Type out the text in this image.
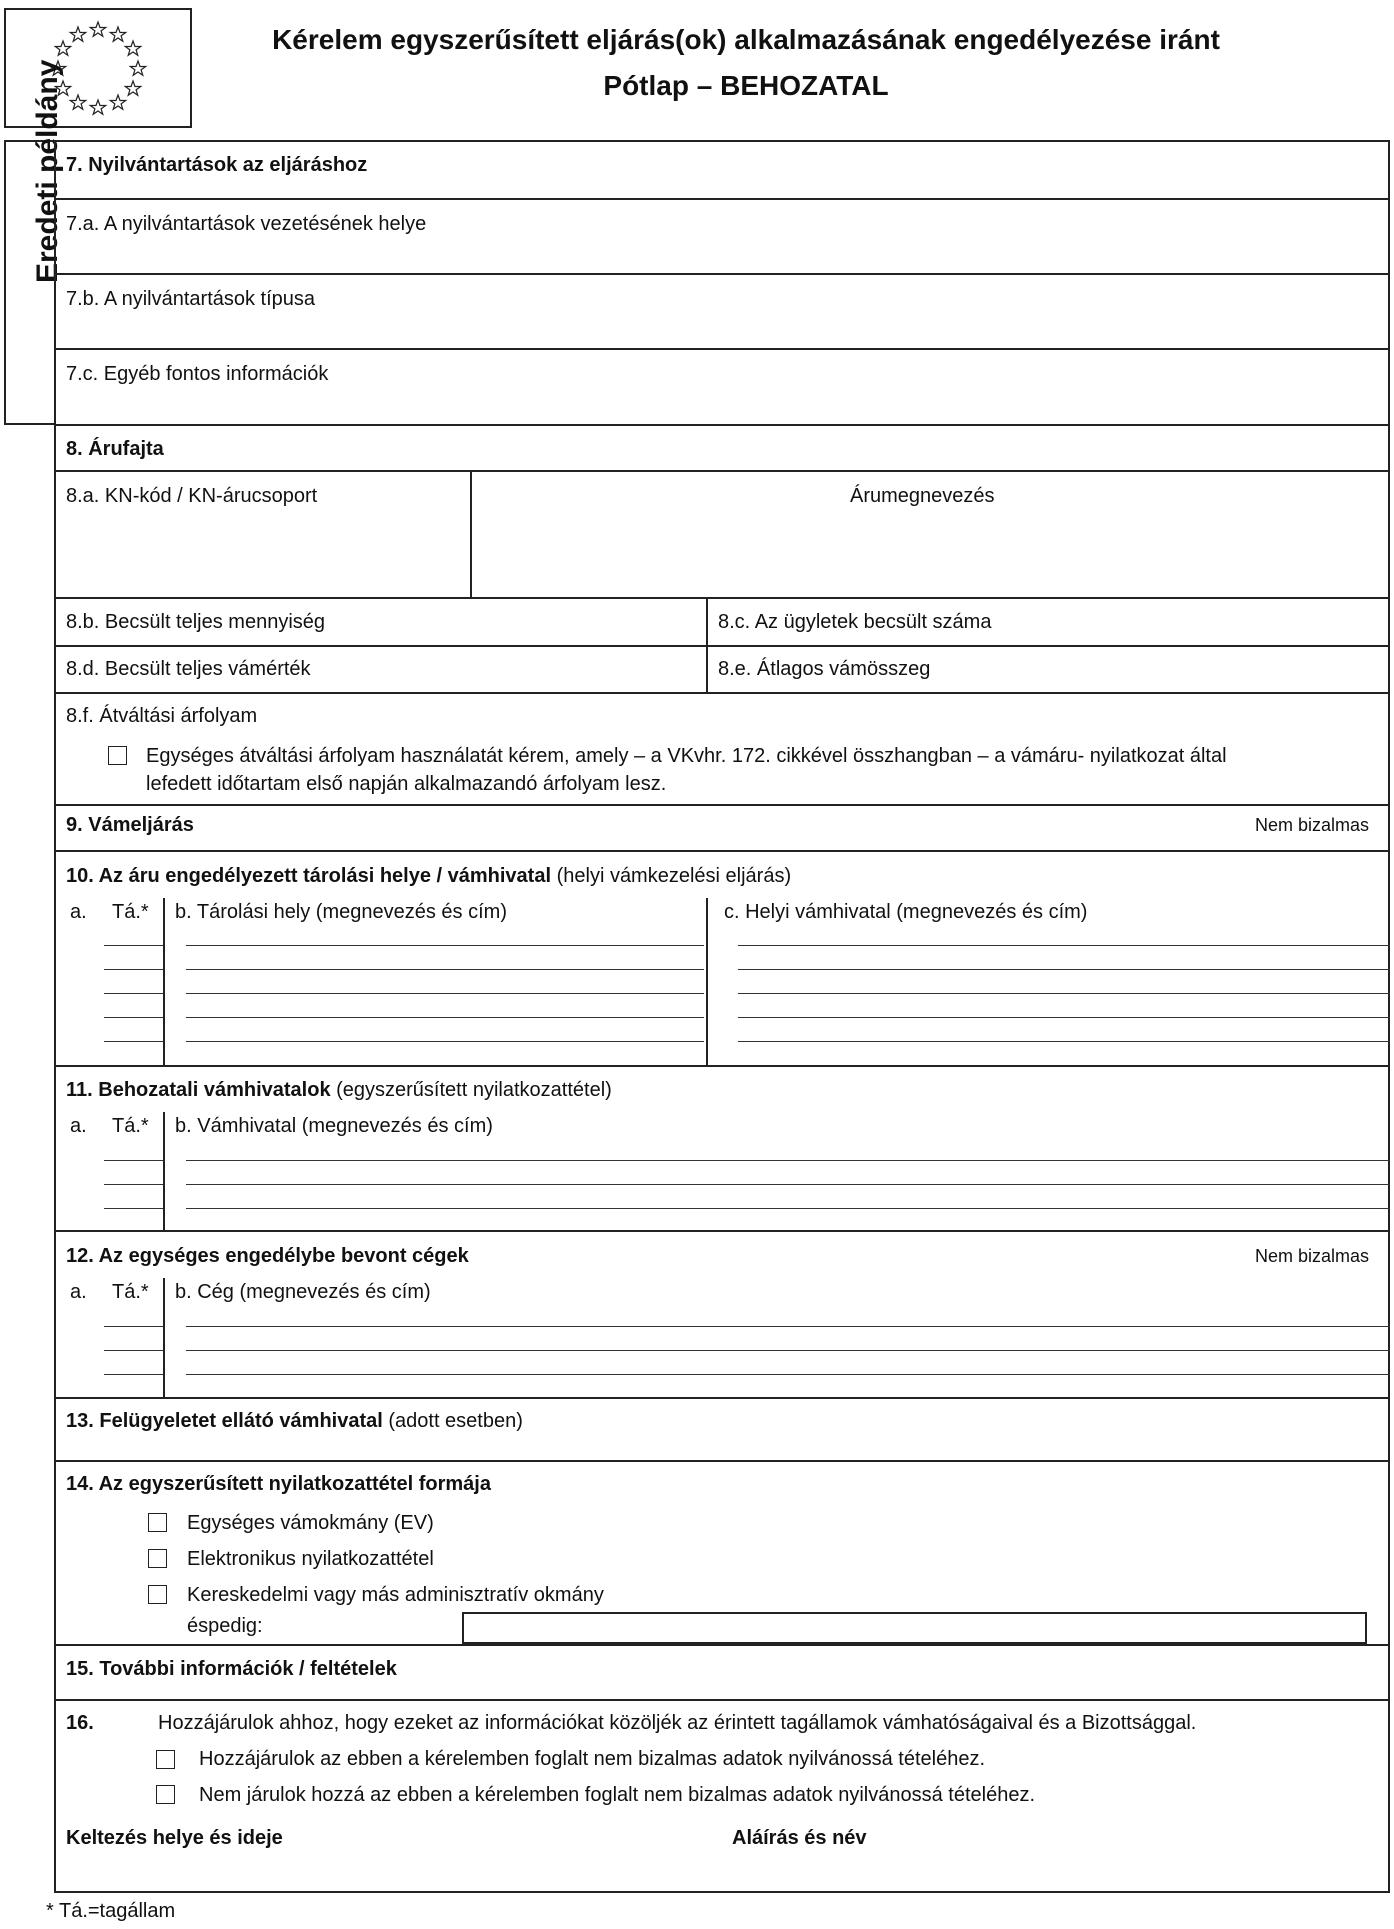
Kérelem egyszerűsített eljárás(ok) alkalmazásának engedélyezése iránt
Pótlap – BEHOZATAL
Eredeti példány 7. Nyilvántartások az eljáráshoz
7.a. A nyilvántartások vezetésének helye
7.b. A nyilvántartások típusa
7.c. Egyéb fontos információk
8. Árufajta
8.a. KN-kód / KN-árucsoport	Árumegnevezés
8.b. Becsült teljes mennyiség	8.c. Az ügyletek becsült száma
8.d. Becsült teljes vámérték	8.e. Átlagos vámösszeg
8.f. Átváltási árfolyam
Egységes átváltási árfolyam használatát kérem, amely – a VKvhr. 172. cikkével összhangban – a vámáru- nyilatkozat által
lefedett időtartam első napján alkalmazandó árfolyam lesz.
9. Vámeljárás	Nem bizalmas
10. Az áru engedélyezett tárolási helye / vámhivatal (helyi vámkezelési eljárás)
a. Tá.* b. Tárolási hely (megnevezés és cím)	c. Helyi vámhivatal (megnevezés és cím)
11. Behozatali vámhivatalok (egyszerűsített nyilatkozattétel)
a. Tá.* b. Vámhivatal (megnevezés és cím)
12. Az egységes engedélybe bevont cégek	Nem bizalmas
a. Tá.* b. Cég (megnevezés és cím)
13. Felügyeletet ellátó vámhivatal (adott esetben)
14. Az egyszerűsített nyilatkozattétel formája
Egységes vámokmány (EV)
Elektronikus nyilatkozattétel
Kereskedelmi vagy más adminisztratív okmány
éspedig:
15. További információk / feltételek
16.	Hozzájárulok ahhoz, hogy ezeket az információkat közöljék az érintett tagállamok vámhatóságaival és a Bizottsággal.
Hozzájárulok az ebben a kérelemben foglalt nem bizalmas adatok nyilvánossá tételéhez.
Nem járulok hozzá az ebben a kérelemben foglalt nem bizalmas adatok nyilvánossá tételéhez.
Keltezés helye és ideje	Aláírás és név
* Tá.=tagállam
